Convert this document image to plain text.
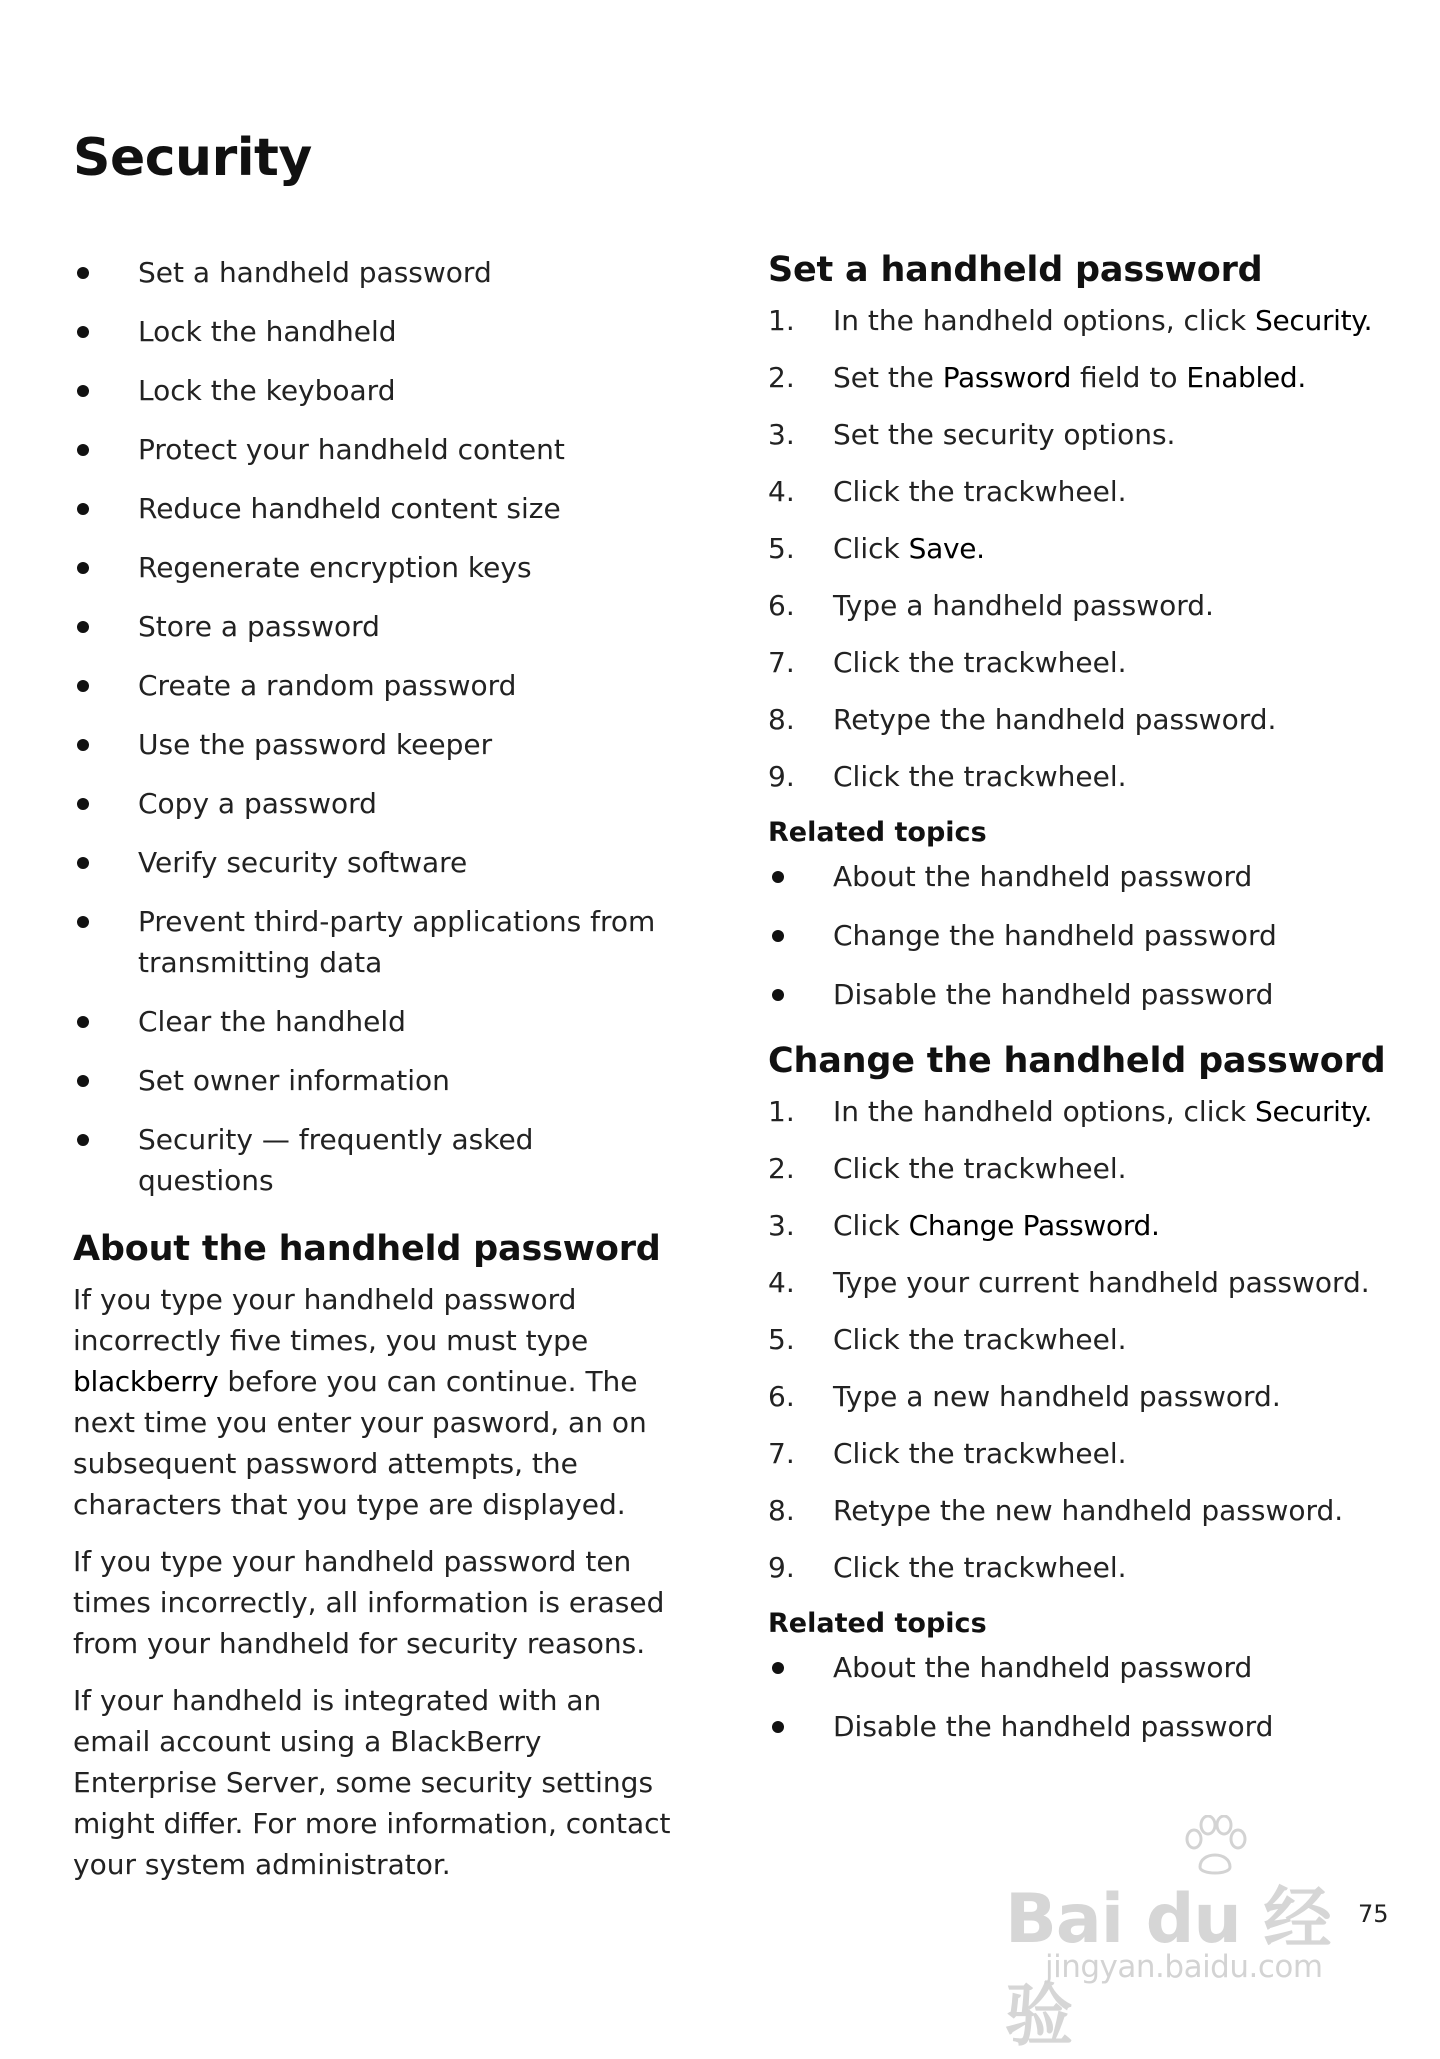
Security
Set a handheld password
Lock the handheld
Lock the keyboard
Protect your handheld content
Reduce handheld content size
Regenerate encryption keys
Store a password
Create a random password
Use the password keeper
Copy a password
Verify security software
Prevent third-party applications from transmitting data
Clear the handheld
Set owner information
Security — frequently asked questions
About the handheld password

If you type your handheld password incorrectly five times, you must type blackberry before you can continue. The next time you enter your pasword, an on subsequent password attempts, the characters that you type are displayed.

If you type your handheld password ten times incorrectly, all information is erased from your handheld for security reasons.

If your handheld is integrated with an email account using a BlackBerry Enterprise Server, some security settings might differ. For more information, contact your system administrator.

Set a handheld password
1. In the handheld options, click Security.
2. Set the Password field to Enabled.
3. Set the security options.
4. Click the trackwheel.
5. Click Save.
6. Type a handheld password.
7. Click the trackwheel.
8. Retype the handheld password.
9. Click the trackwheel.
Related topics
About the handheld password
Change the handheld password
Disable the handheld password
Change the handheld password
1. In the handheld options, click Security.
2. Click the trackwheel.
3. Click Change Password.
4. Type your current handheld password.
5. Click the trackwheel.
6. Type a new handheld password.
7. Click the trackwheel.
8. Retype the new handheld password.
9. Click the trackwheel.
Related topics
About the handheld password
Disable the handheld password
Bai du 经验
jingyan.baidu.com
75
